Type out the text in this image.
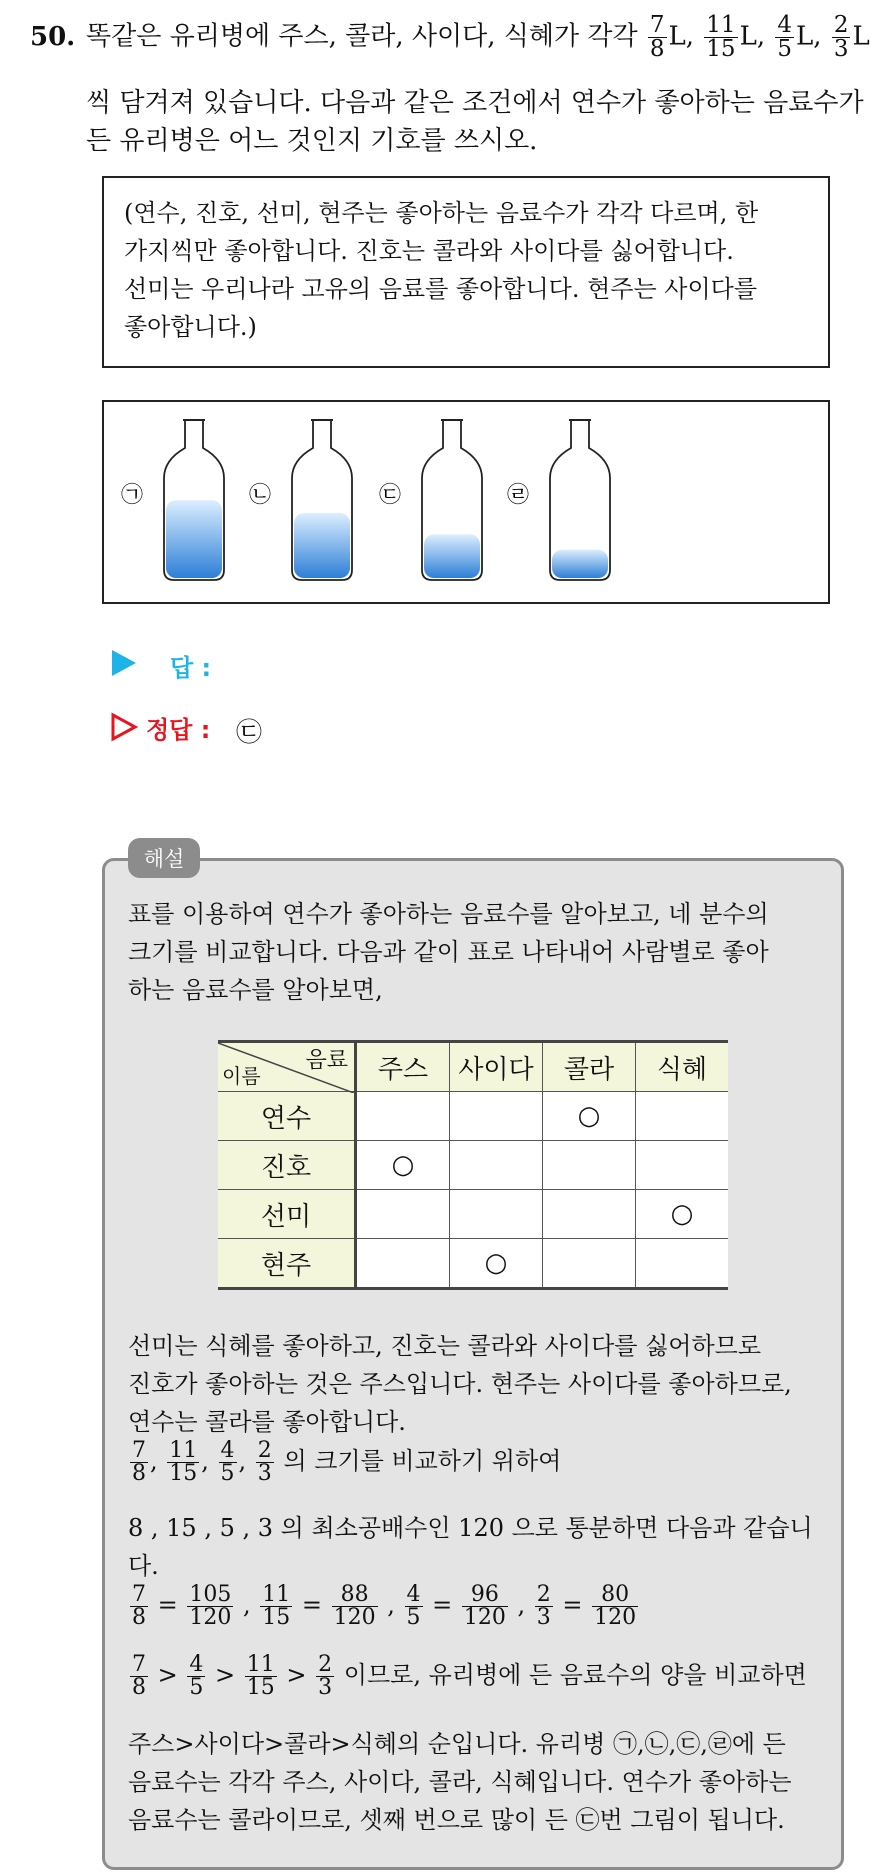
50. 똑같은 유리병에 주스, 콜라, 사이다, 식혜가 각각 $\frac{7}{8} L$, $\frac{11}{15} L$, $\frac{4}{5} L$, $\frac{2}{3}$ L
씩 담겨져 있습니다. 다음과 같은 조건에서 연수가 좋아하는 음료수가
든 유리병은 어느 것인지 기호를 쓰시오.
(연수, 진호, 선미, 현주는 좋아하는 음료수가 각각 다르며, 한
가지씩만 좋아합니다. 진호는 콜라와 사이다를 싫어합니다.
선미는 우리나라 고유의 음료를 좋아합니다. 현주는 사이다를
좋아합니다.)
㉠	㉡	㉢	㉣
답 :
정답 : ㉢
해설
표를 이용하여 연수가 좋아하는 음료수를 알아보고, 네 분수의
크기를 비교합니다. 다음과 같이 표로 나타내어 사람별로 좋아
하는 음료수를 알아보면,
음료
이름	주스	사이다	콜라	식혜
연수			○	
진호	○			
선미				○
현주		○		
선미는 식혜를 좋아하고, 진호는 콜라와 사이다를 싫어하므로
진호가 좋아하는 것은 주스입니다. 현주는 사이다를 좋아하므로,
연수는 콜라를 좋아합니다.
$\frac{7}{8}$ , $\frac{11}{15}$ , $\frac{4}{5}$ , $\frac{2}{3}$ 의 크기를 비교하기 위하여
8 , 15 , 5 , 3 의 최소공배수인 120 으로 통분하면 다음과 같습니
다.
$\frac{7}{8} = \frac{105}{120}$ , $\frac{11}{15} = \frac{88}{120}$ , $\frac{4}{5} = \frac{96}{120}$ , $\frac{2}{3} = \frac{80}{120}$
$\frac{7}{8} > \frac{4}{5} > \frac{11}{15} > \frac{2}{3}$ 이므로, 유리병에 든 음료수의 양을 비교하면
주스>사이다>콜라>식혜의 순입니다. 유리병 ㉠,㉡,㉢,㉣에 든
음료수는 각각 주스, 사이다, 콜라, 식혜입니다. 연수가 좋아하는
음료수는 콜라이므로, 셋째 번으로 많이 든 ㉢번 그림이 됩니다.
